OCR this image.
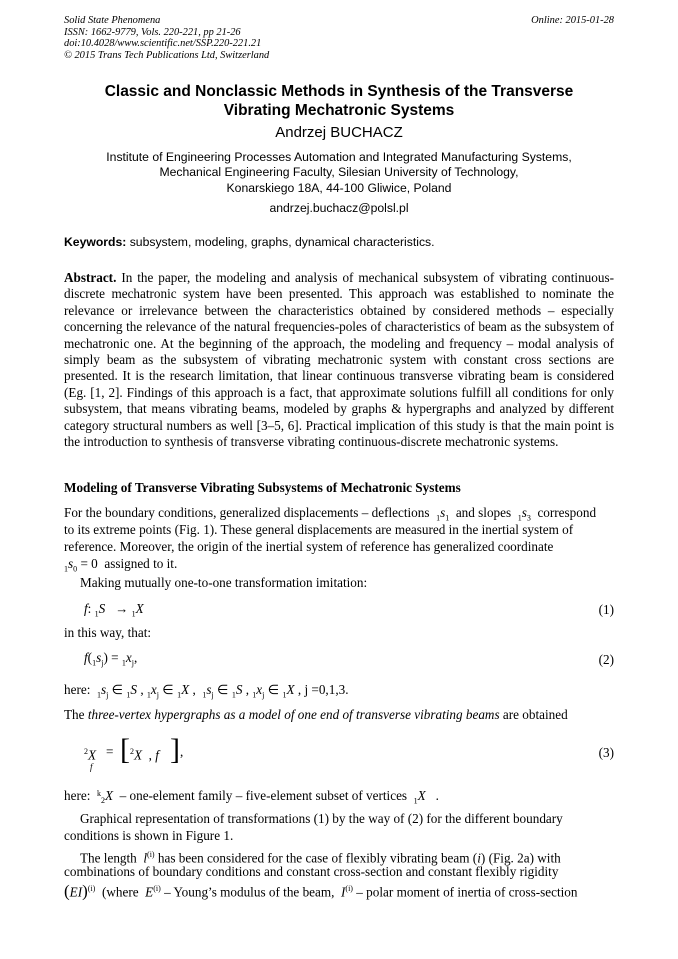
Solid State Phenomena
ISSN: 1662-9779, Vols. 220-221, pp 21-26
doi:10.4028/www.scientific.net/SSP.220-221.21
© 2015 Trans Tech Publications Ltd, Switzerland
Online: 2015-01-28
Classic and Nonclassic Methods in Synthesis of the Transverse
Vibrating Mechatronic Systems
Andrzej BUCHACZ
Institute of Engineering Processes Automation and Integrated Manufacturing Systems,
Mechanical Engineering Faculty, Silesian University of Technology,
Konarskiego 18A, 44-100 Gliwice, Poland
andrzej.buchacz@polsl.pl
Keywords: subsystem, modeling, graphs, dynamical characteristics.
Abstract. In the paper, the modeling and analysis of mechanical subsystem of vibrating continuous-discrete mechatronic system have been presented. This approach was established to nominate the relevance or irrelevance between the characteristics obtained by considered methods – especially concerning the relevance of the natural frequencies-poles of characteristics of beam as the subsystem of mechatronic one. At the beginning of the approach, the modeling and frequency – modal analysis of simply beam as the subsystem of vibrating mechatronic system with constant cross sections are presented. It is the research limitation, that linear continuous transverse vibrating beam is considered (Eg. [1, 2]. Findings of this approach is a fact, that approximate solutions fulfill all conditions for only subsystem, that means vibrating beams, modeled by graphs & hypergraphs and analyzed by different category structural numbers as well [3–5, 6]. Practical implication of this study is that the main point is the introduction to synthesis of transverse vibrating continuous-discrete mechatronic systems.
Modeling of Transverse Vibrating Subsystems of Mechatronic Systems
For the boundary conditions, generalized displacements – deflections $_1s_1$ and slopes $_1s_3$ correspond
to its extreme points (Fig. 1). These general displacements are measured in the inertial system of
reference. Moreover, the origin of the inertial system of reference has generalized coordinate
$_1s_0 = 0$  assigned to it.
Making mutually one-to-one transformation imitation:
f: $_1$S   → $_1$X	(1)
in this way, that:
$f(_1s_j) = _1x_j$,	(2)
here: $_1s_j$ ∈ $_1$S , $_1x_j$ ∈ $_1$X ,  $_1s_j$ ∈ $_1$S , $_1x_j$ ∈ $_1$X , j =0,1,3.
The three-vertex hypergraphs as a model of one end of transverse vibrating beams are obtained
$^2$X
f
= [ $^2$X  , f ] ,	(3)
here: $^k_2$X – one-element family – five-element subset of vertices $_1$X   .
Graphical representation of transformations (1) by the way of (2) for the different boundary
conditions is shown in Figure 1.
The length $l^{(i)}$ has been considered for the case of flexibly vibrating beam (i) (Fig. 2a) with
combinations of boundary conditions and constant cross-section and constant flexibly rigidity
(EI)$^{(i)}$ (where $E^{(i)}$ – Young’s modulus of the beam, $I^{(i)}$ – polar moment of inertia of cross-section
